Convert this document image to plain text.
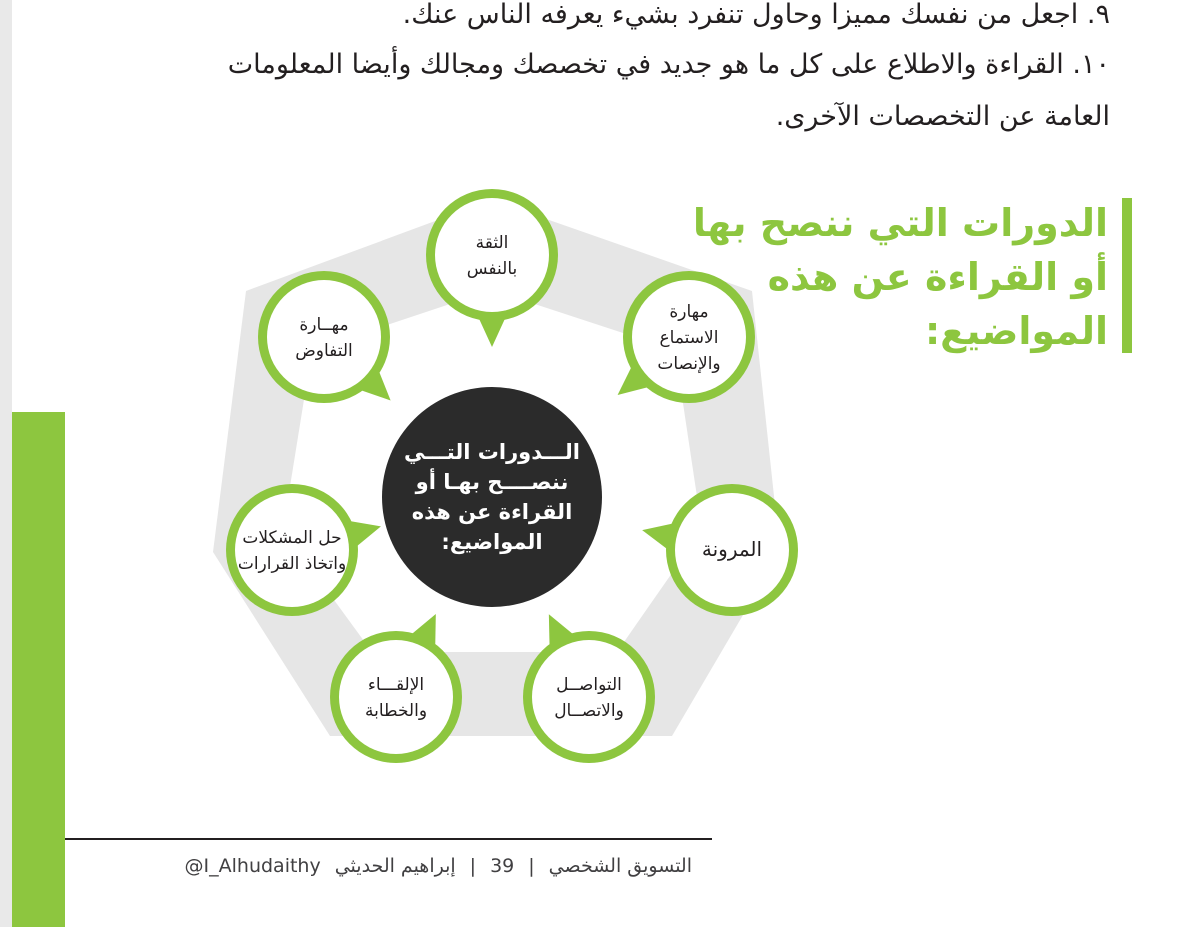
٩. اجعل من نفسك مميزا وحاول تنفرد بشيء يعرفه الناس عنك.
١٠. القراءة والاطلاع على كل ما هو جديد في تخصصك ومجالك وأيضا المعلومات
العامة عن التخصصات الآخرى.
الدورات التي ننصح بها
أو القراءة عن هذه
المواضيع:
الـــدورات التـــي ننصــــح بهـا أو القراءة عن هذه المواضيع:
الثقة بالنفس
مهارة الاستماع والإنصات
المرونة
التواصــل والاتصــال
الإلقـــاء والخطابة
حل المشكلات واتخاذ القرارات
مهــارة التفاوض
التسويق الشخصي
|
39
|
إبراهيم الحديثي
@I_Alhudaithy
